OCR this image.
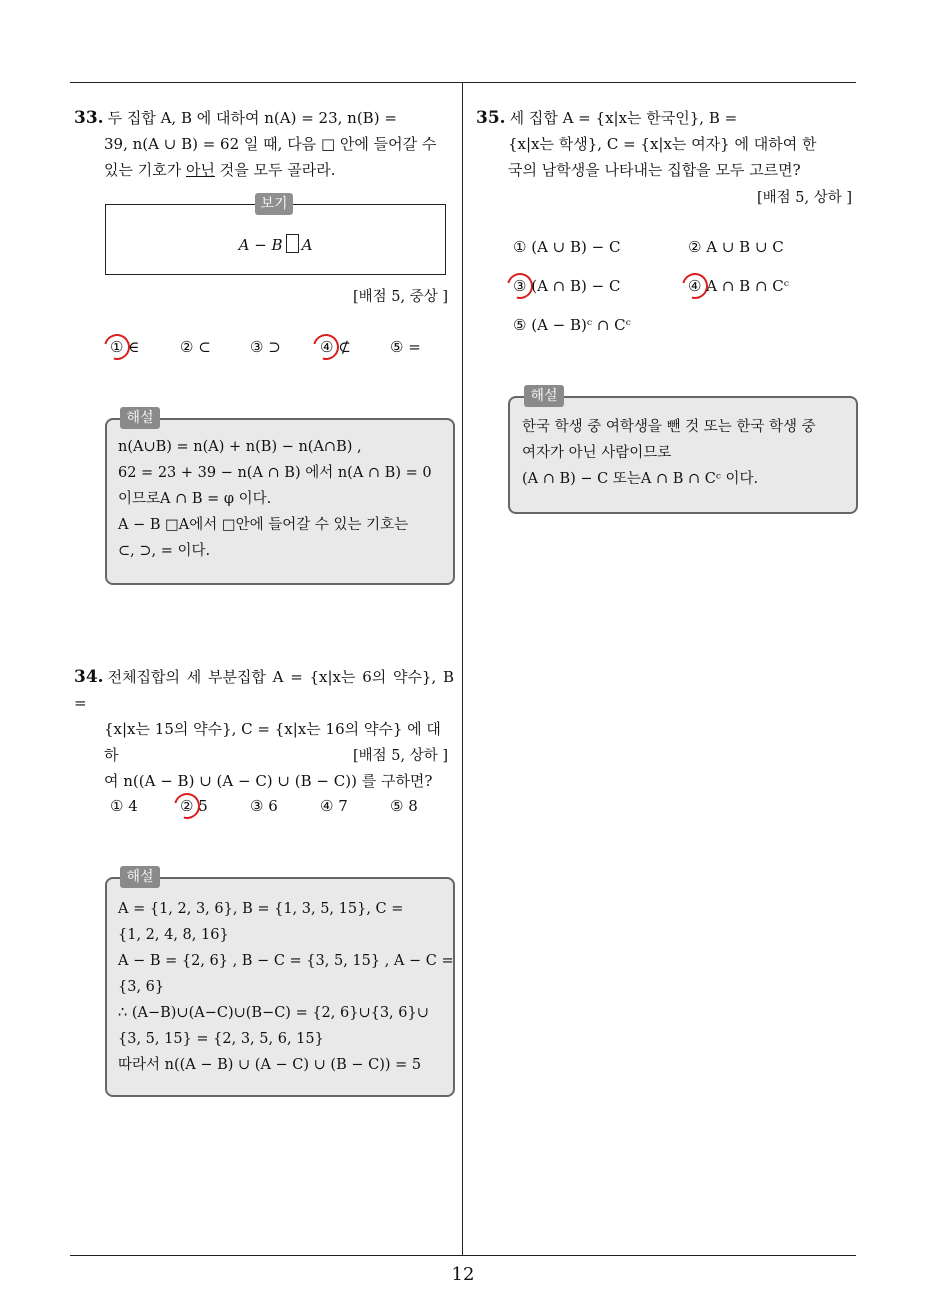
12
33. 두 집합 A, B 에 대하여 n(A) = 23, n(B) =
39, n(A ∪ B) = 62 일 때, 다음 □ 안에 들어갈 수
있는 기호가 아닌 것을 모두 골라라.
보기
A − B A
[배점 5, 중상 ]
① ∈	② ⊂	③ ⊃	④ ⊄	⑤ =
해설
n(A∪B) = n(A) + n(B) − n(A∩B) ,
62 = 23 + 39 − n(A ∩ B) 에서 n(A ∩ B) = 0
이므로A ∩ B = φ 이다.
A − B □A에서 □안에 들어갈 수 있는 기호는
⊂, ⊃, = 이다.
34. 전체집합의 세 부분집합 A = {x|x는 6의 약수}, B =
{x|x는 15의 약수}, C = {x|x는 16의 약수} 에 대하
여 n((A − B) ∪ (A − C) ∪ (B − C)) 를 구하면?
[배점 5, 상하 ]
① 4	② 5	③ 6	④ 7	⑤ 8
해설
A = {1, 2, 3, 6}, B = {1, 3, 5, 15}, C =
{1, 2, 4, 8, 16}
A − B = {2, 6} , B − C = {3, 5, 15} , A − C =
{3, 6}
∴ (A−B)∪(A−C)∪(B−C) = {2, 6}∪{3, 6}∪
{3, 5, 15} = {2, 3, 5, 6, 15}
따라서 n((A − B) ∪ (A − C) ∪ (B − C)) = 5
35. 세 집합 A = {x|x는 한국인}, B =
{x|x는 학생}, C = {x|x는 여자} 에 대하여 한
국의 남학생을 나타내는 집합을 모두 고르면?
[배점 5, 상하 ]
① (A ∪ B) − C	② A ∪ B ∪ C
③ (A ∩ B) − C	④ A ∩ B ∩ Cᶜ
⑤ (A − B)ᶜ ∩ Cᶜ
해설
한국 학생 중 여학생을 뺀 것 또는 한국 학생 중
여자가 아닌 사람이므로
(A ∩ B) − C 또는A ∩ B ∩ Cᶜ 이다.
